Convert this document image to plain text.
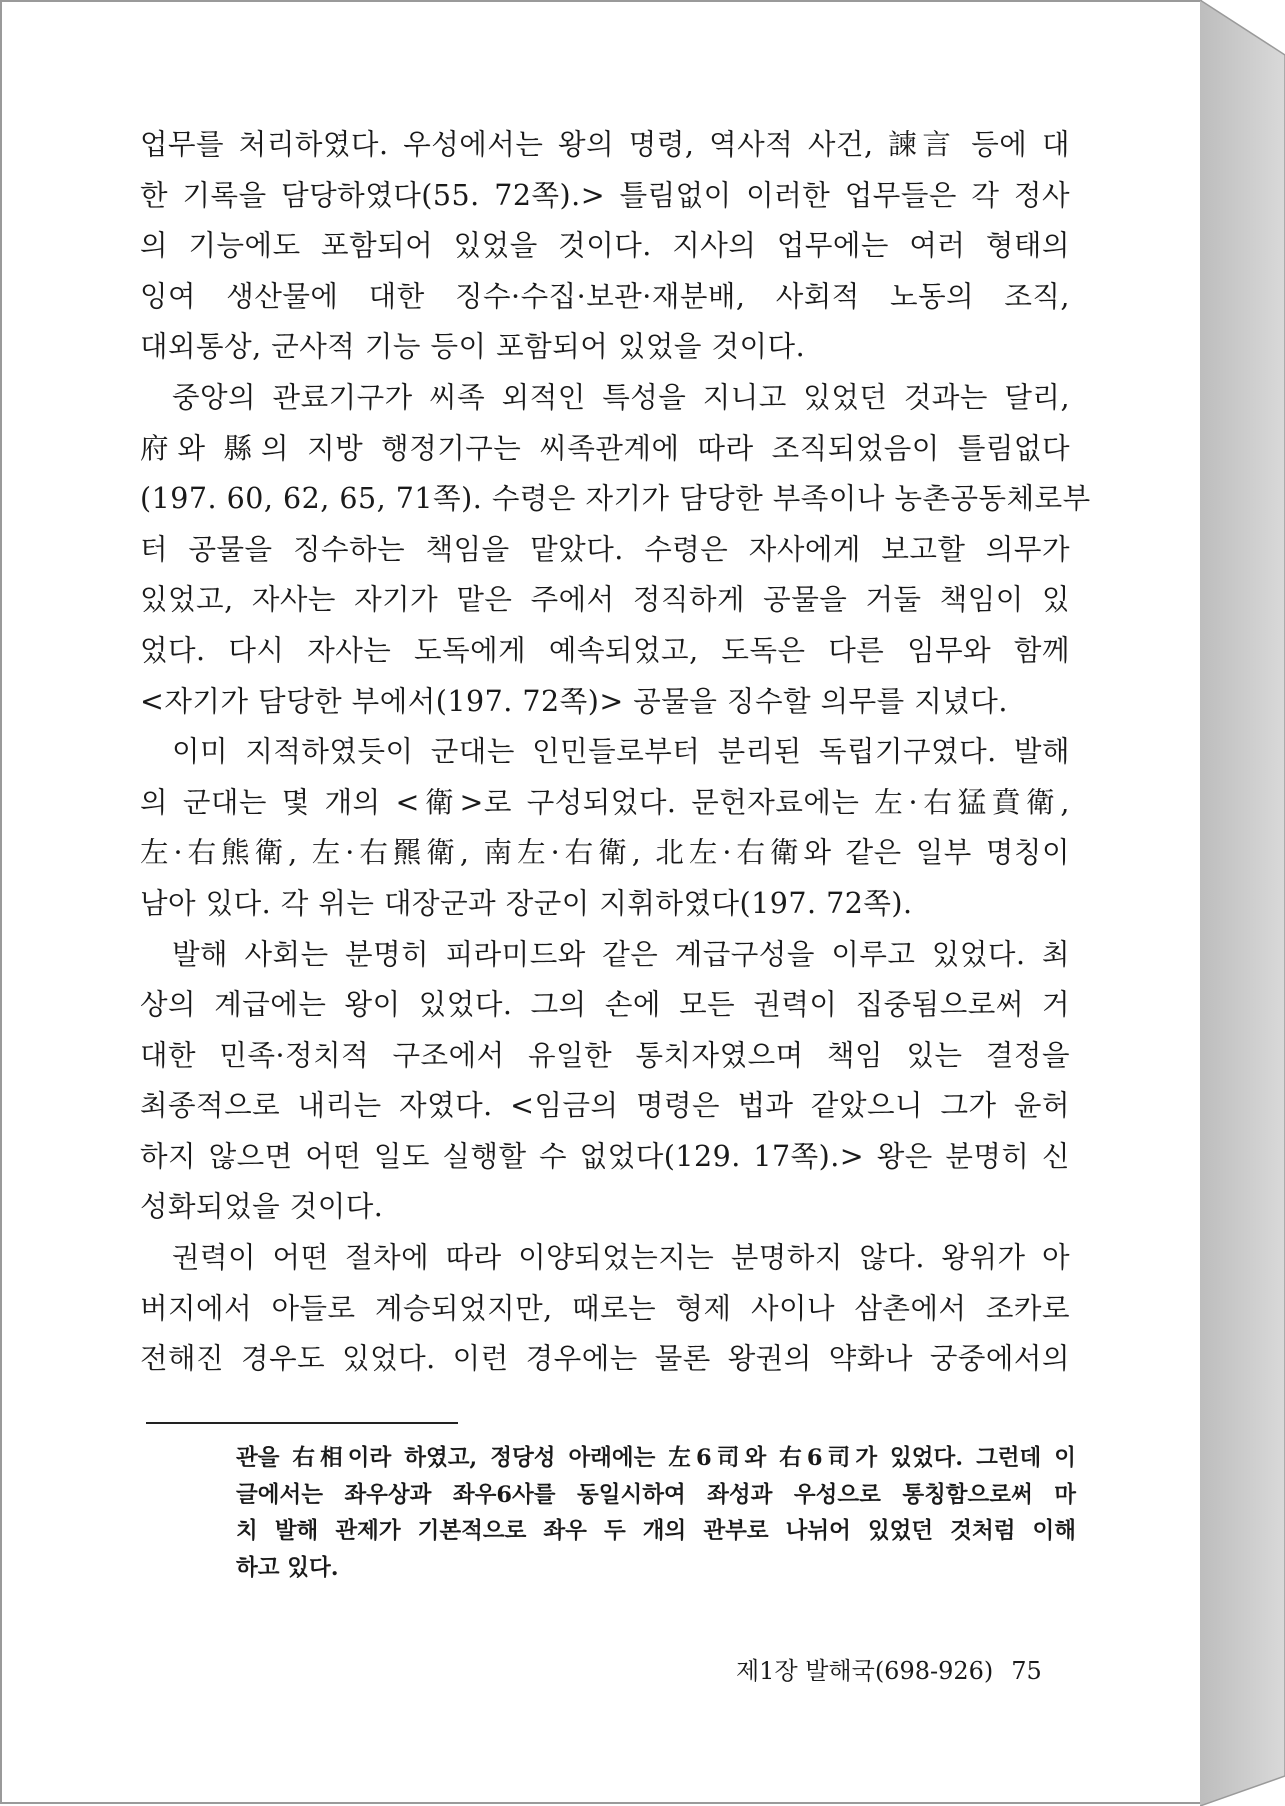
업무를 처리하였다. 우성에서는 왕의 명령, 역사적 사건, 諫言 등에 대
한 기록을 담당하였다(55. 72쪽).> 틀림없이 이러한 업무들은 각 정사
의 기능에도 포함되어 있었을 것이다. 지사의 업무에는 여러 형태의
잉여 생산물에 대한 징수·수집·보관·재분배, 사회적 노동의 조직,
대외통상, 군사적 기능 등이 포함되어 있었을 것이다.
중앙의 관료기구가 씨족 외적인 특성을 지니고 있었던 것과는 달리,
府와 縣의 지방 행정기구는 씨족관계에 따라 조직되었음이 틀림없다
(197. 60, 62, 65, 71쪽). 수령은 자기가 담당한 부족이나 농촌공동체로부
터 공물을 징수하는 책임을 맡았다. 수령은 자사에게 보고할 의무가
있었고, 자사는 자기가 맡은 주에서 정직하게 공물을 거둘 책임이 있
었다. 다시 자사는 도독에게 예속되었고, 도독은 다른 임무와 함께
<자기가 담당한 부에서(197. 72쪽)> 공물을 징수할 의무를 지녔다.
이미 지적하였듯이 군대는 인민들로부터 분리된 독립기구였다. 발해
의 군대는 몇 개의 <衛>로 구성되었다. 문헌자료에는 左·右猛賁衛,
左·右熊衛, 左·右羆衛, 南左·右衛, 北左·右衛와 같은 일부 명칭이
남아 있다. 각 위는 대장군과 장군이 지휘하였다(197. 72쪽).
발해 사회는 분명히 피라미드와 같은 계급구성을 이루고 있었다. 최
상의 계급에는 왕이 있었다. 그의 손에 모든 권력이 집중됨으로써 거
대한 민족·정치적 구조에서 유일한 통치자였으며 책임 있는 결정을
최종적으로 내리는 자였다. <임금의 명령은 법과 같았으니 그가 윤허
하지 않으면 어떤 일도 실행할 수 없었다(129. 17쪽).> 왕은 분명히 신
성화되었을 것이다.
권력이 어떤 절차에 따라 이양되었는지는 분명하지 않다. 왕위가 아
버지에서 아들로 계승되었지만, 때로는 형제 사이나 삼촌에서 조카로
전해진 경우도 있었다. 이런 경우에는 물론 왕권의 약화나 궁중에서의
관을 右相이라 하였고, 정당성 아래에는 左6司와 右6司가 있었다. 그런데 이
글에서는 좌우상과 좌우6사를 동일시하여 좌성과 우성으로 통칭함으로써 마
치 발해 관제가 기본적으로 좌우 두 개의 관부로 나뉘어 있었던 것처럼 이해
하고 있다.
제1장 발해국(698-926) 75
